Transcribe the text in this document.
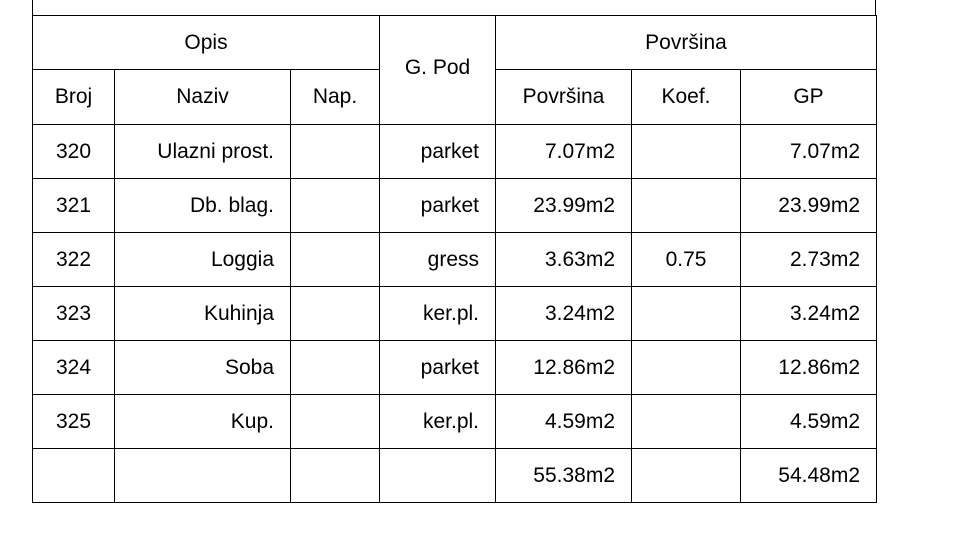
Opis			G. Pod	Površina		
Broj	Naziv	Nap.		Površina	Koef.	GP
320	Ulazni prost.		parket	7.07m2		7.07m2
321	Db. blag.		parket	23.99m2		23.99m2
322	Loggia		gress	3.63m2	0.75	2.73m2
323	Kuhinja		ker.pl.	3.24m2		3.24m2
324	Soba		parket	12.86m2		12.86m2
325	Kup.		ker.pl.	4.59m2		4.59m2
				55.38m2		54.48m2
